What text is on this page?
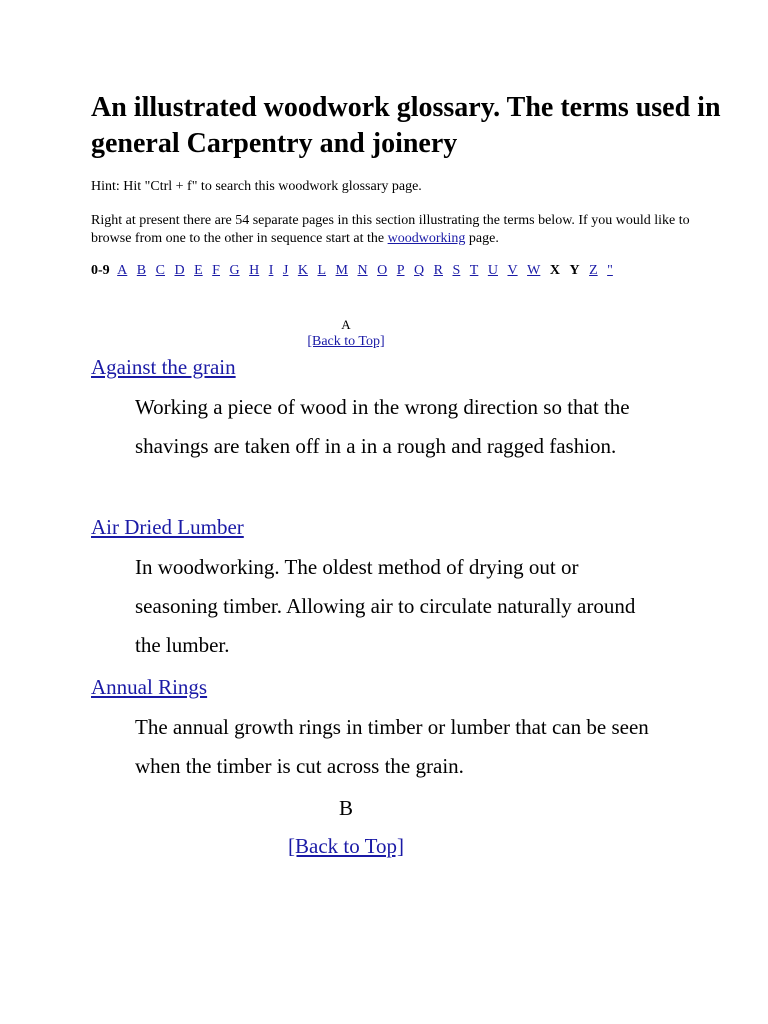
An illustrated woodwork glossary. The terms used in general Carpentry and joinery
Hint: Hit "Ctrl + f" to search this woodwork glossary page.
Right at present there are 54 separate pages in this section illustrating the terms below. If you would like to browse from one to the other in sequence start at the woodworking page.
0-9 A B C D E F G H I J K L M N O P Q R S T U V W X Y Z "
A
[Back to Top]
Against the grain
Working a piece of wood in the wrong direction so that the shavings are taken off in a in a rough and ragged fashion.
Air Dried Lumber
In woodworking. The oldest method of drying out or seasoning timber. Allowing air to circulate naturally around the lumber.
Annual Rings
The annual growth rings in timber or lumber that can be seen when the timber is cut across the grain.
B
[Back to Top]
